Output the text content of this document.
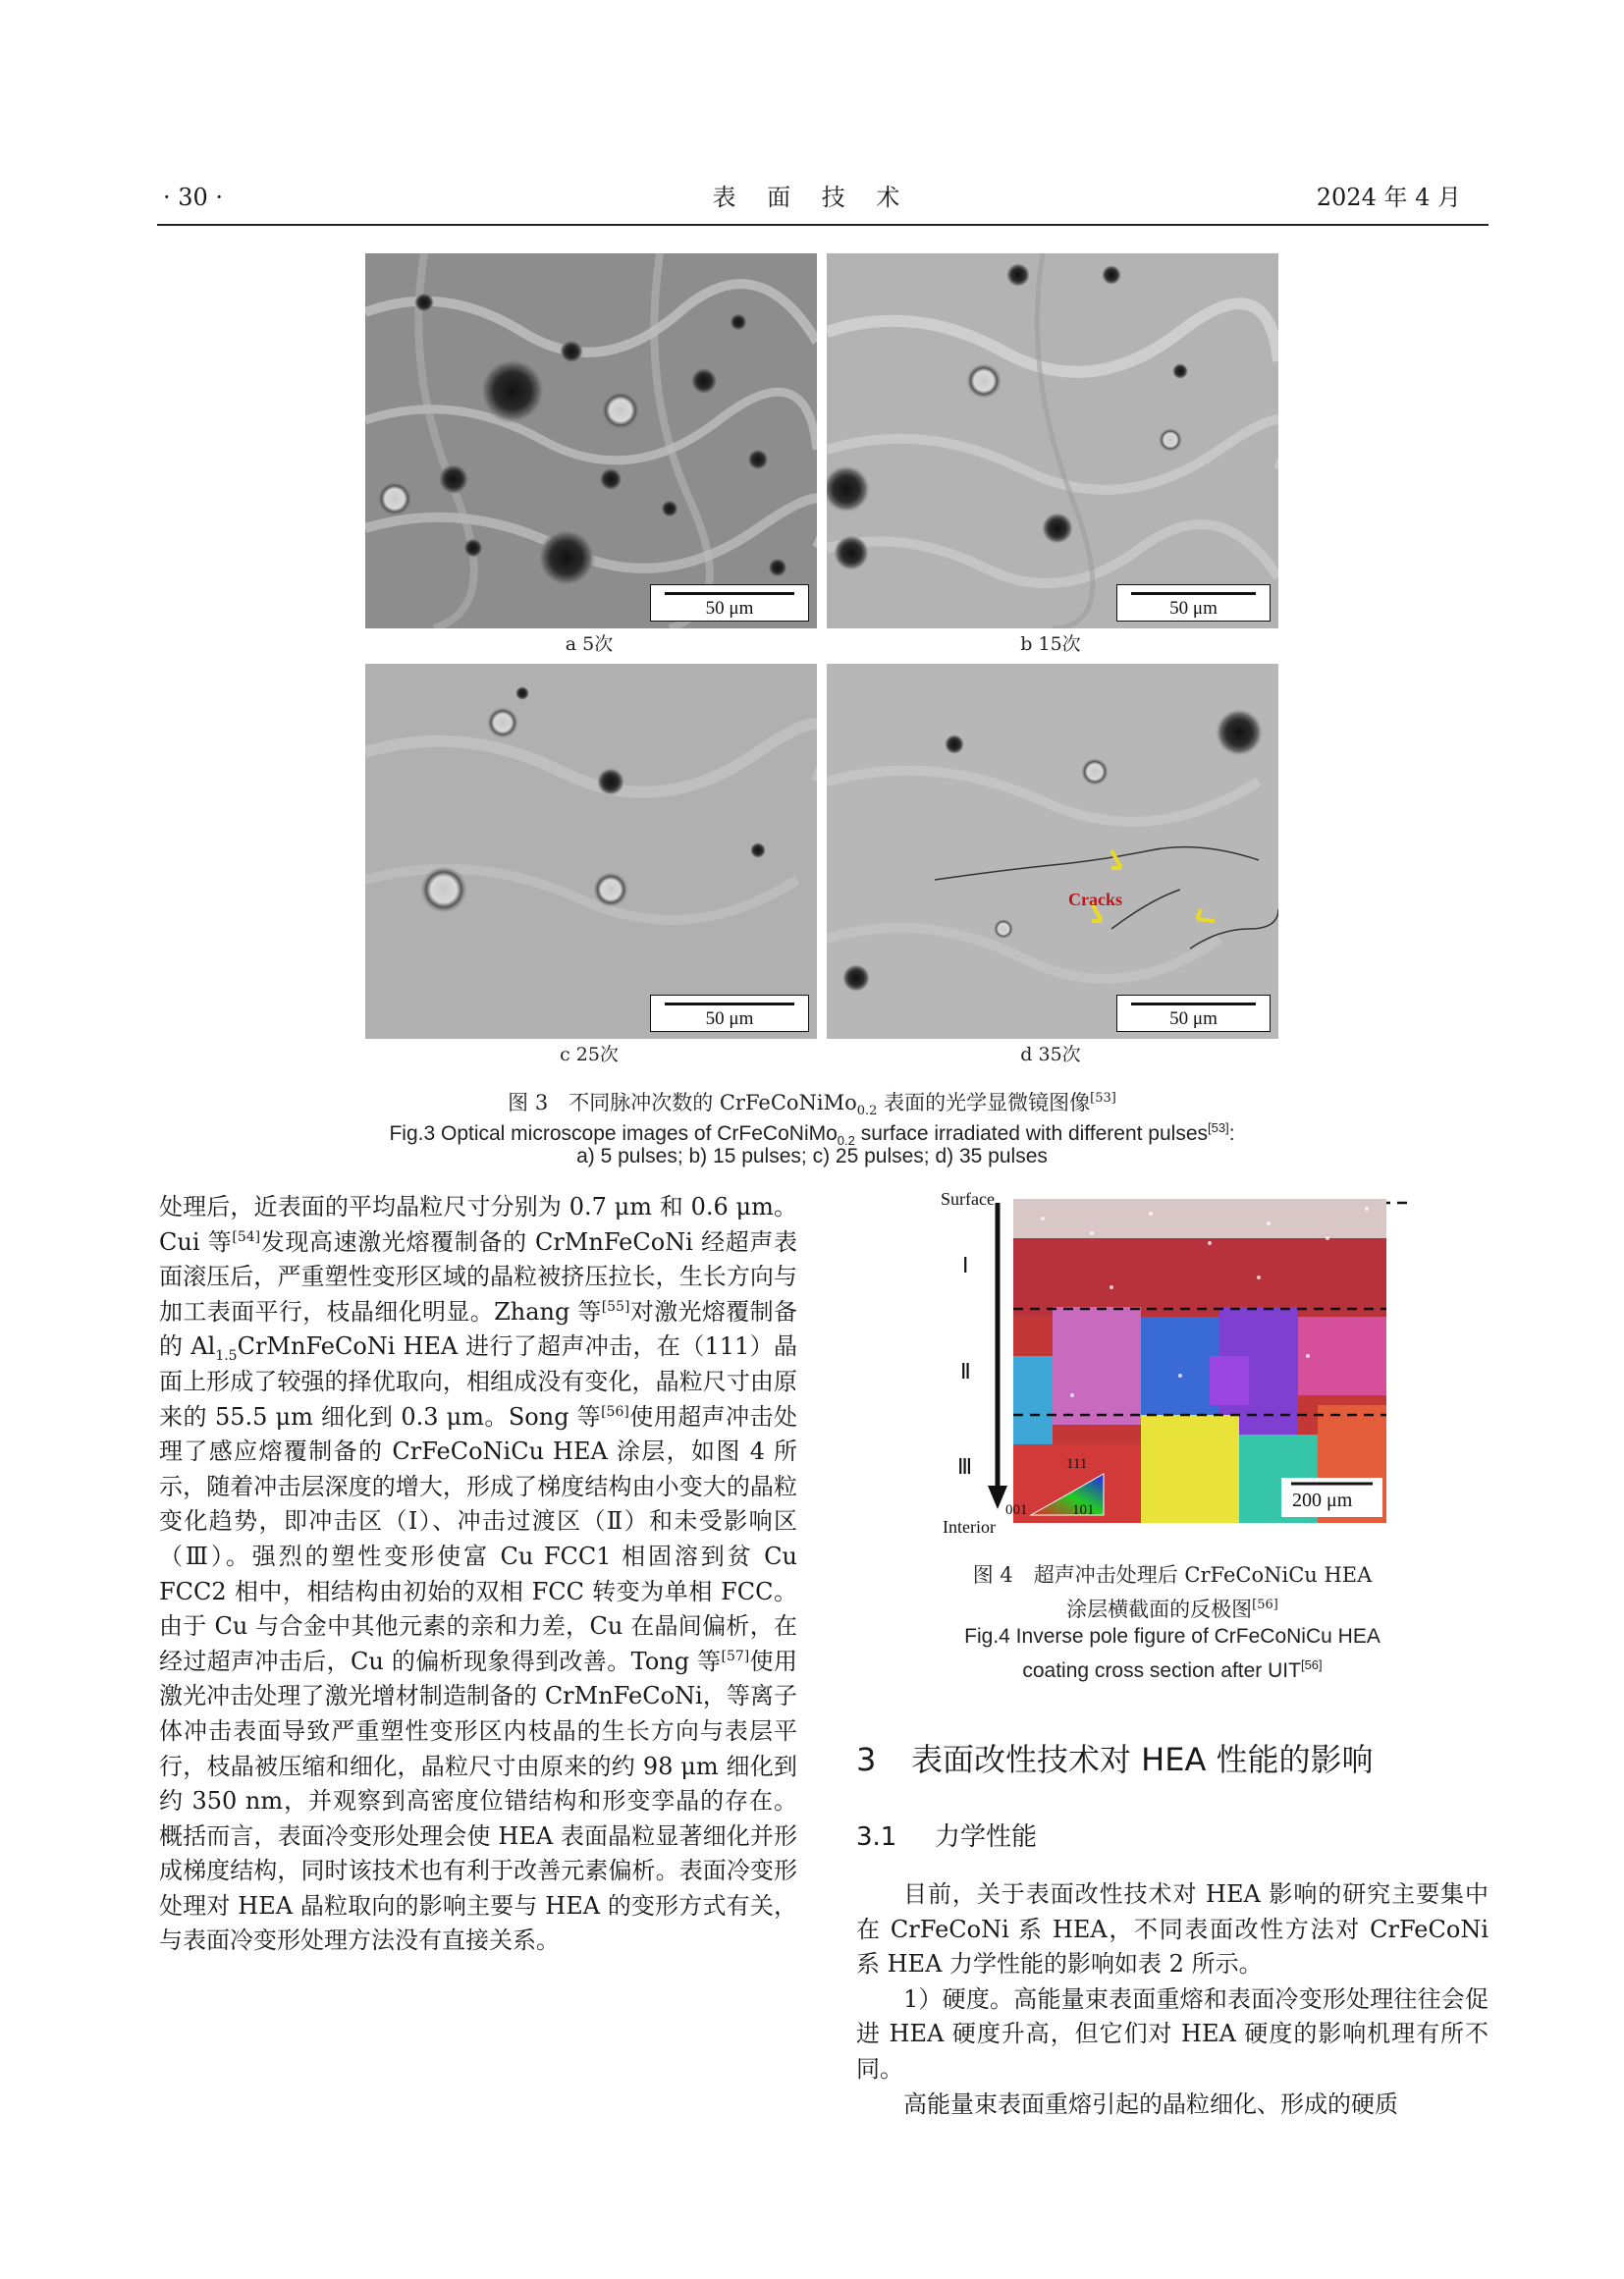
· 30 ·	表 面 技 术	2024 年 4 月
50 μm	50 μm
a 5次	b 15次
50 μm
Cracks
50 μm
c 25次	d 35次
图 3　不同脉冲次数的 CrFeCoNiMo$_{0.2}$ 表面的光学显微镜图像[53]
Fig.3 Optical microscope images of CrFeCoNiMo$_{0.2}$ surface irradiated with different pulses[53]:
a) 5 pulses; b) 15 pulses; c) 25 pulses; d) 35 pulses

处理后，近表面的平均晶粒尺寸分别为 0.7 μm 和 0.6 μm。Cui 等[54]发现高速激光熔覆制备的 CrMnFeCoNi 经超声表面滚压后，严重塑性变形区域的晶粒被挤压拉长，生长方向与加工表面平行，枝晶细化明显。Zhang 等[55]对激光熔覆制备的 $Al_{1.5}CrMnFeCoNi$ HEA 进行了超声冲击，在（111）晶面上形成了较强的择优取向，相组成没有变化，晶粒尺寸由原来的 55.5 μm 细化到 0.3 μm。Song 等[56]使用超声冲击处理了感应熔覆制备的 CrFeCoNiCu HEA 涂层，如图 4 所示，随着冲击层深度的增大，形成了梯度结构由小变大的晶粒变化趋势，即冲击区（Ⅰ）、冲击过渡区（Ⅱ）和未受影响区（Ⅲ）。强烈的塑性变形使富 Cu FCC1 相固溶到贫 Cu FCC2 相中，相结构由初始的双相 FCC 转变为单相 FCC。由于 Cu 与合金中其他元素的亲和力差，Cu 在晶间偏析，在经过超声冲击后，Cu 的偏析现象得到改善。Tong 等[57]使用激光冲击处理了激光增材制造制备的 CrMnFeCoNi，等离子体冲击表面导致严重塑性变形区内枝晶的生长方向与表层平行，枝晶被压缩和细化，晶粒尺寸由原来的约 98 μm 细化到约 350 nm，并观察到高密度位错结构和形变孪晶的存在。概括而言，表面冷变形处理会使 HEA 表面晶粒显著细化并形成梯度结构，同时该技术也有利于改善元素偏析。表面冷变形处理对 HEA 晶粒取向的影响主要与 HEA 的变形方式有关，与表面冷变形处理方法没有直接关系。

Surface
200 μm
111
001	101
Ⅰ
Ⅱ
Ⅲ
Interior
图 4　超声冲击处理后 CrFeCoNiCu HEA
涂层横截面的反极图[56]
Fig.4 Inverse pole figure of CrFeCoNiCu HEA
coating cross section after UIT[56]
3 表面改性技术对 HEA 性能的影响
3.1 力学性能

目前，关于表面改性技术对 HEA 影响的研究主要集中在 CrFeCoNi 系 HEA，不同表面改性方法对 CrFeCoNi 系 HEA 力学性能的影响如表 2 所示。

1）硬度。高能量束表面重熔和表面冷变形处理往往会促进 HEA 硬度升高，但它们对 HEA 硬度的影响机理有所不同。

高能量束表面重熔引起的晶粒细化、形成的硬质
